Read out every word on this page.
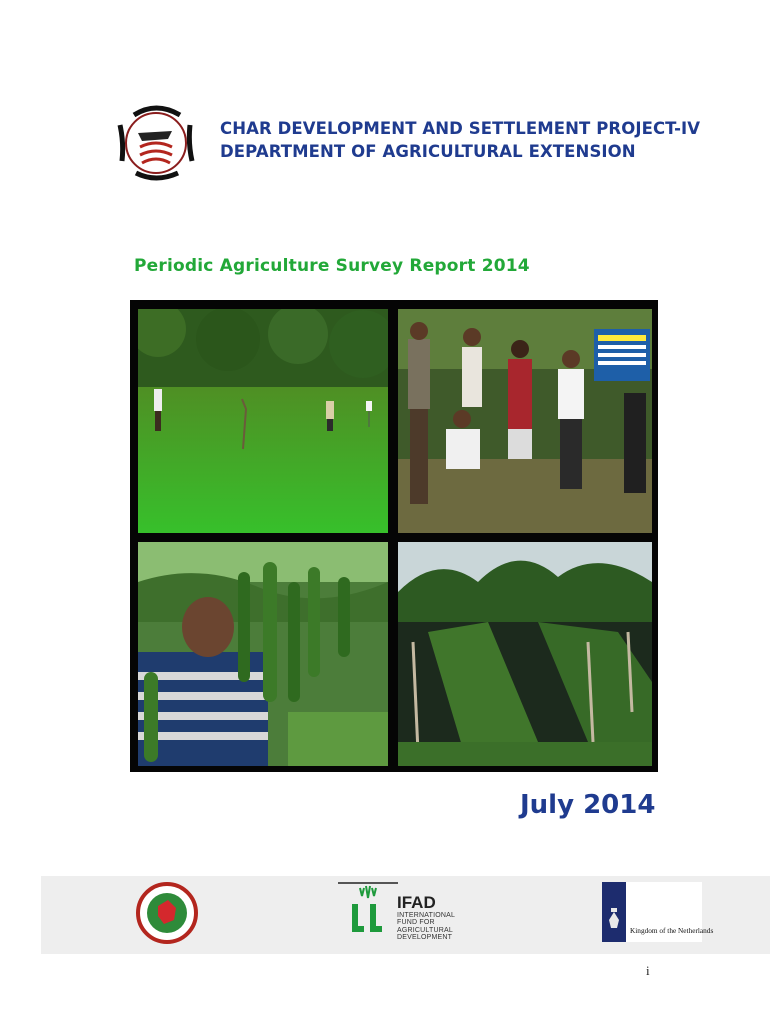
CHAR DEVELOPMENT AND SETTLEMENT PROJECT-IV
DEPARTMENT OF AGRICULTURAL EXTENSION
Periodic Agriculture Survey Report 2014
July 2014
IFAD
INTERNATIONAL FUND FOR AGRICULTURAL DEVELOPMENT
Kingdom of the Netherlands
i
